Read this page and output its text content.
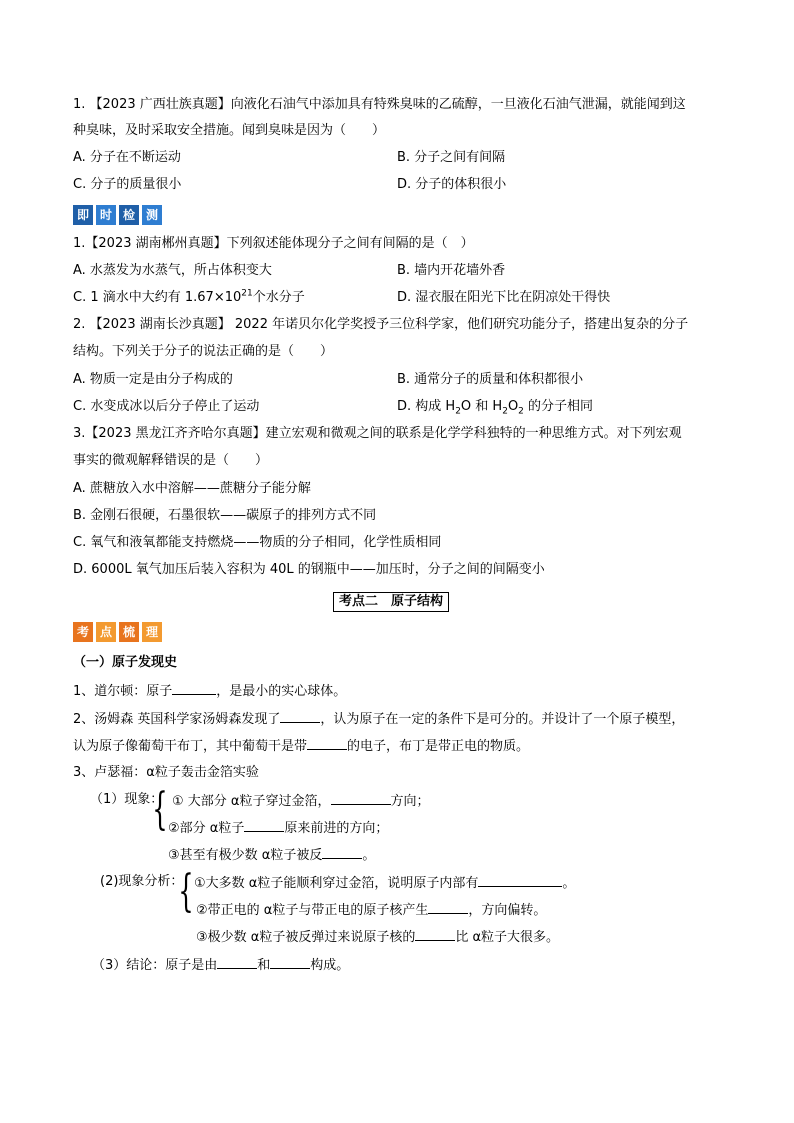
1. 【2023 广西壮族真题】向液化石油气中添加具有特殊臭味的乙硫醇，一旦液化石油气泄漏，就能闻到这
种臭味，及时采取安全措施。闻到臭味是因为（　　）
A. 分子在不断运动	B. 分子之间有间隔
C. 分子的质量很小	D. 分子的体积很小
即 时 检 测
1.【2023 湖南郴州真题】下列叙述能体现分子之间有间隔的是（　）
A. 水蒸发为水蒸气，所占体积变大	B. 墙内开花墙外香
C. 1 滴水中大约有 $1.67\times 10^{21}$个水分子	D. 湿衣服在阳光下比在阴凉处干得快
2. 【2023 湖南长沙真题】 2022 年诺贝尔化学奖授予三位科学家，他们研究功能分子，搭建出复杂的分子
结构。下列关于分子的说法正确的是（　　）
A. 物质一定是由分子构成的	B. 通常分子的质量和体积都很小
C. 水变成冰以后分子停止了运动	D. 构成 $H_2O$ 和 $H_2O_2$ 的分子相同
3.【2023 黑龙江齐齐哈尔真题】建立宏观和微观之间的联系是化学学科独特的一种思维方式。对下列宏观
事实的微观解释错误的是（　　）
A. 蔗糖放入水中溶解——蔗糖分子能分解
B. 金刚石很硬，石墨很软——碳原子的排列方式不同
C. 氧气和液氧都能支持燃烧——物质的分子相同，化学性质相同
D. 6000L 氧气加压后装入容积为 40L 的钢瓶中——加压时，分子之间的间隔变小
考点二　原子结构
考 点 梳 理
（一）原子发现史
1、道尔顿：原子	，是最小的实心球体。
2、汤姆森 英国科学家汤姆森发现了	，认为原子在一定的条件下是可分的。并设计了一个原子模型，
认为原子像葡萄干布丁，其中葡萄干是带	的电子，布丁是带正电的物质。
3、卢瑟福：α粒子轰击金箔实验
（1）现象：
{ ① 大部分 α粒子穿过金箔，	方向；
②部分 α粒子	原来前进的方向；
③甚至有极少数 α粒子被反	。
(2)现象分析：
{ ①大多数 α粒子能顺利穿过金箔，说明原子内部有	。
②带正电的 α粒子与带正电的原子核产生	，方向偏转。
③极少数 α粒子被反弹过来说原子核的	比 α粒子大很多。
（3）结论：原子是由	和	构成。
